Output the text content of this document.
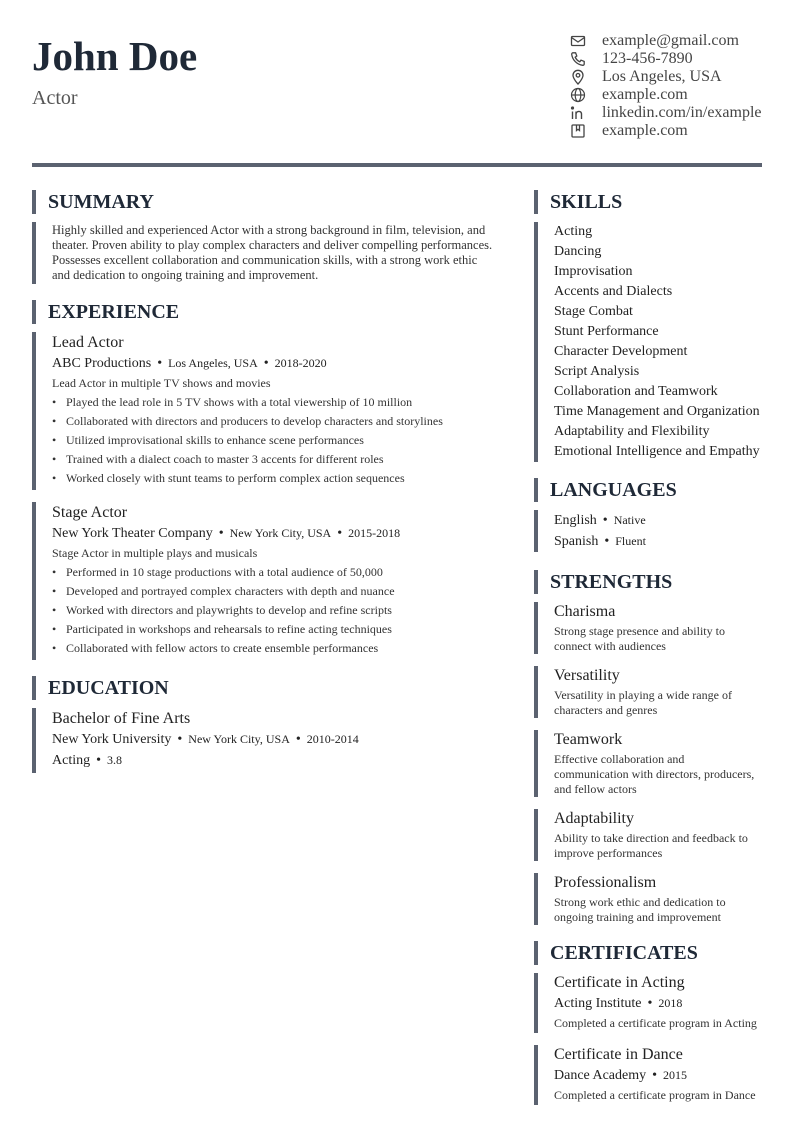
John Doe
Actor
example@gmail.com
123-456-7890
Los Angeles, USA
example.com
linkedin.com/in/example
example.com
SUMMARY
Highly skilled and experienced Actor with a strong background in film, television, and theater. Proven ability to play complex characters and deliver compelling performances. Possesses excellent collaboration and communication skills, with a strong work ethic and dedication to ongoing training and improvement.
EXPERIENCE
Lead Actor
ABC Productions • Los Angeles, USA • 2018-2020
Lead Actor in multiple TV shows and movies
• Played the lead role in 5 TV shows with a total viewership of 10 million
• Collaborated with directors and producers to develop characters and storylines
• Utilized improvisational skills to enhance scene performances
• Trained with a dialect coach to master 3 accents for different roles
• Worked closely with stunt teams to perform complex action sequences
Stage Actor
New York Theater Company • New York City, USA • 2015-2018
Stage Actor in multiple plays and musicals
• Performed in 10 stage productions with a total audience of 50,000
• Developed and portrayed complex characters with depth and nuance
• Worked with directors and playwrights to develop and refine scripts
• Participated in workshops and rehearsals to refine acting techniques
• Collaborated with fellow actors to create ensemble performances
EDUCATION
Bachelor of Fine Arts
New York University • New York City, USA • 2010-2014
Acting • 3.8
SKILLS
Acting
Dancing
Improvisation
Accents and Dialects
Stage Combat
Stunt Performance
Character Development
Script Analysis
Collaboration and Teamwork
Time Management and Organization
Adaptability and Flexibility
Emotional Intelligence and Empathy
LANGUAGES
English • Native
Spanish • Fluent
STRENGTHS
Charisma
Strong stage presence and ability to connect with audiences
Versatility
Versatility in playing a wide range of characters and genres
Teamwork
Effective collaboration and communication with directors, producers, and fellow actors
Adaptability
Ability to take direction and feedback to improve performances
Professionalism
Strong work ethic and dedication to ongoing training and improvement
CERTIFICATES
Certificate in Acting
Acting Institute • 2018
Completed a certificate program in Acting
Certificate in Dance
Dance Academy • 2015
Completed a certificate program in Dance
